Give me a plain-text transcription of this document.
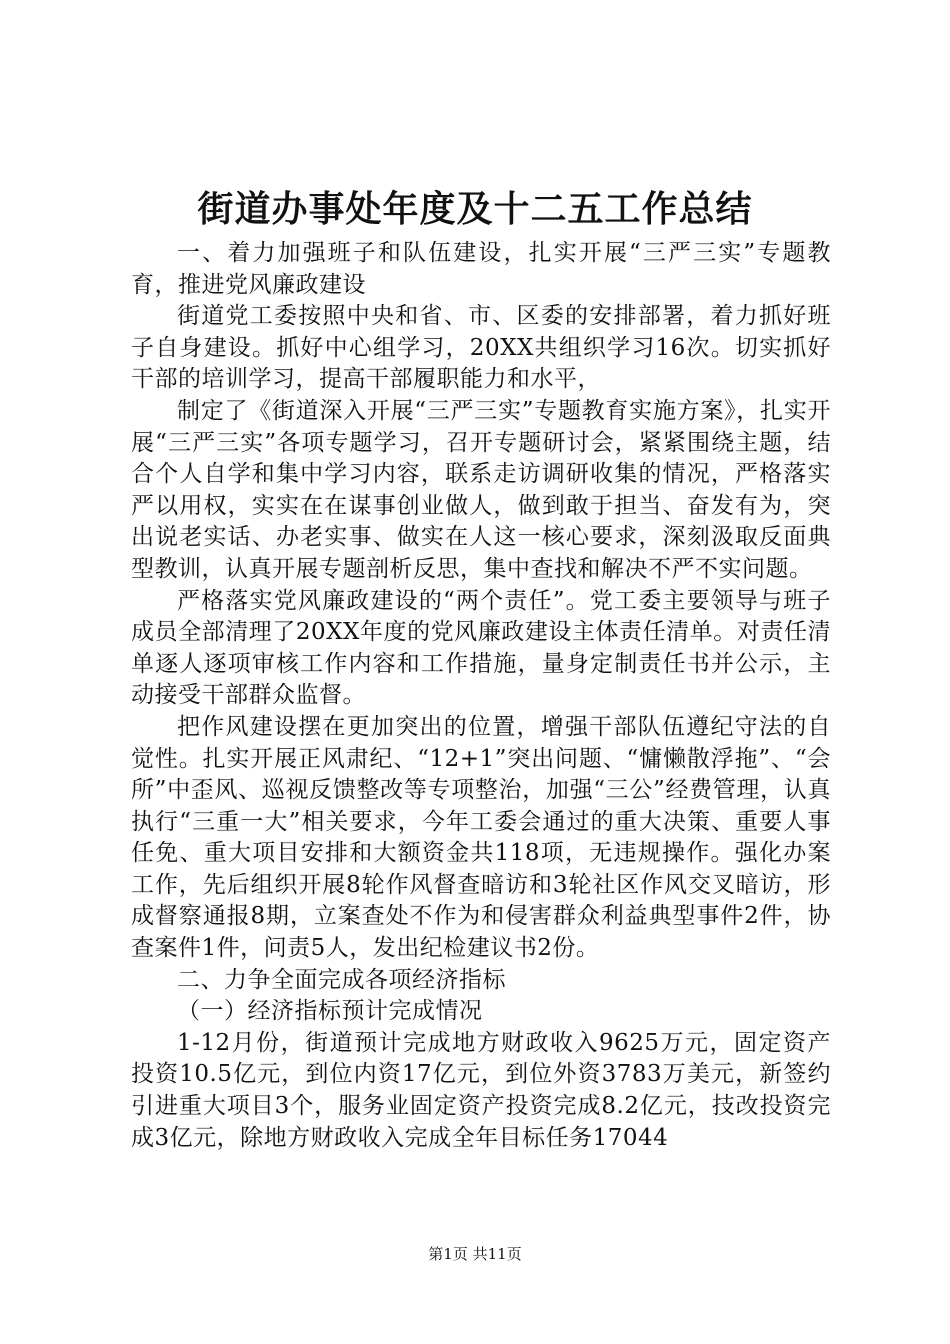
街道办事处年度及十二五工作总结

一、着力加强班子和队伍建设，扎实开展“三严三实”专题教育，推进党风廉政建设

街道党工委按照中央和省、市、区委的安排部署，着力抓好班子自身建设。抓好中心组学习，20XX共组织学习16次。切实抓好干部的培训学习，提高干部履职能力和水平，

制定了《街道深入开展“三严三实”专题教育实施方案》，扎实开展“三严三实”各项专题学习，召开专题研讨会，紧紧围绕主题，结合个人自学和集中学习内容，联系走访调研收集的情况，严格落实严以用权，实实在在谋事创业做人，做到敢于担当、奋发有为，突出说老实话、办老实事、做实在人这一核心要求，深刻汲取反面典型教训，认真开展专题剖析反思，集中查找和解决不严不实问题。

严格落实党风廉政建设的“两个责任”。党工委主要领导与班子成员全部清理了20XX年度的党风廉政建设主体责任清单。对责任清单逐人逐项审核工作内容和工作措施，量身定制责任书并公示，主动接受干部群众监督。

把作风建设摆在更加突出的位置，增强干部队伍遵纪守法的自觉性。扎实开展正风肃纪、“12+1”突出问题、“慵懒散浮拖”、“会所”中歪风、巡视反馈整改等专项整治，加强“三公”经费管理，认真执行“三重一大”相关要求，今年工委会通过的重大决策、重要人事任免、重大项目安排和大额资金共118项，无违规操作。强化办案工作，先后组织开展8轮作风督查暗访和3轮社区作风交叉暗访，形成督察通报8期，立案查处不作为和侵害群众利益典型事件2件，协查案件1件，问责5人，发出纪检建议书2份。

二、力争全面完成各项经济指标

（一）经济指标预计完成情况

1-12月份，街道预计完成地方财政收入9625万元，固定资产投资10.5亿元，到位内资17亿元，到位外资3783万美元，新签约引进重大项目3个，服务业固定资产投资完成8.2亿元，技改投资完成3亿元，除地方财政收入完成全年目标任务17044

第1页 共11页
